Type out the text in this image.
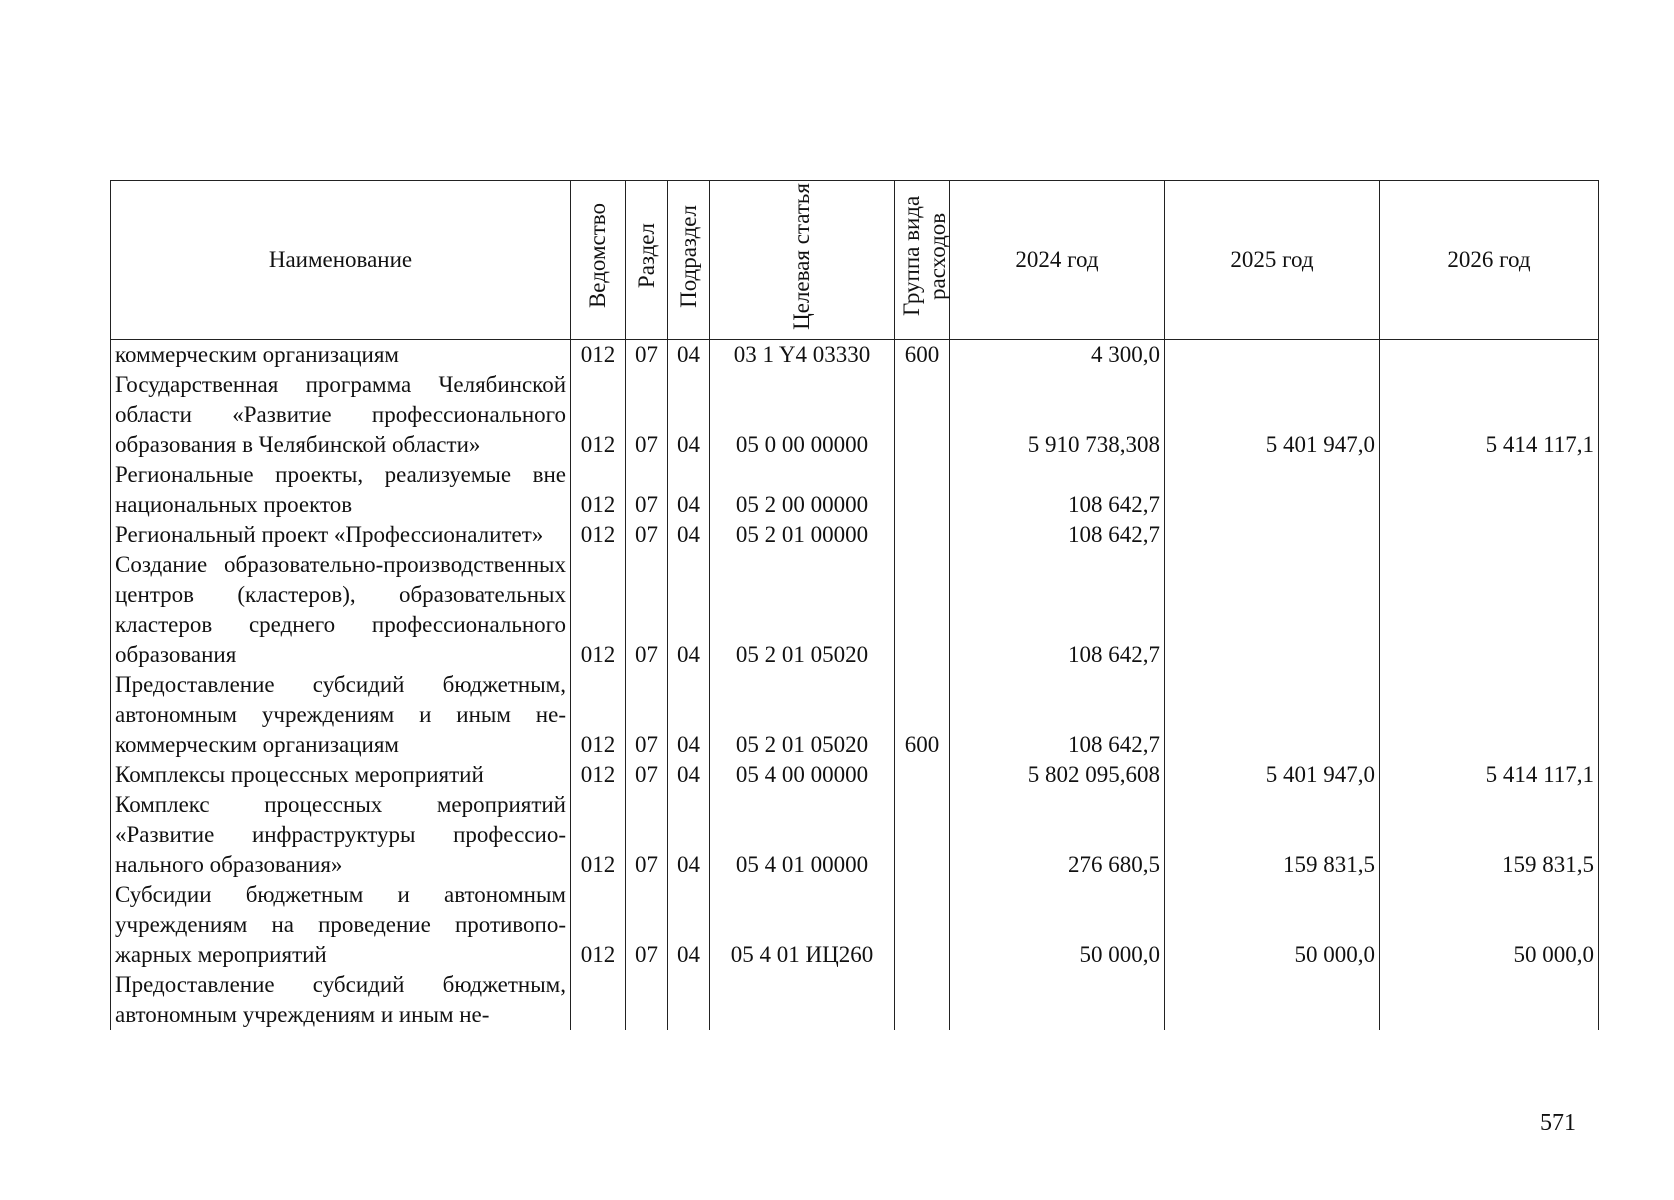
Наименование	Ведомство	Раздел	Подраздел	Целевая статья	Группа вида расходов	2024 год	2025 год	2026 год
коммерческим организациям	012	07	04	03 1 Y4 03330	600	4 300,0		
Государственная программа Челябинской области «Развитие профессионального образования в Челябинской области»	012	07	04	05 0 00 00000		5 910 738,308	5 401 947,0	5 414 117,1
Региональные проекты, реализуемые вне национальных проектов	012	07	04	05 2 00 00000		108 642,7		
Региональный проект «Профессионалитет»	012	07	04	05 2 01 00000		108 642,7		
Создание образовательно-производственных центров (кластеров), образовательных кластеров среднего профессионального образования	012	07	04	05 2 01 05020		108 642,7		
Предоставление субсидий бюджетным, автономным учреждениям и иным некоммерческим организациям	012	07	04	05 2 01 05020	600	108 642,7		
Комплексы процессных мероприятий	012	07	04	05 4 00 00000		5 802 095,608	5 401 947,0	5 414 117,1
Комплекс процессных мероприятий «Развитие инфраструктуры профессионального образования»	012	07	04	05 4 01 00000		276 680,5	159 831,5	159 831,5
Субсидии бюджетным и автономным учреждениям на проведение противопожарных мероприятий	012	07	04	05 4 01 ИЦ260		50 000,0	50 000,0	50 000,0
Предоставление субсидий бюджетным, автономным учреждениям и иным не-								
571
